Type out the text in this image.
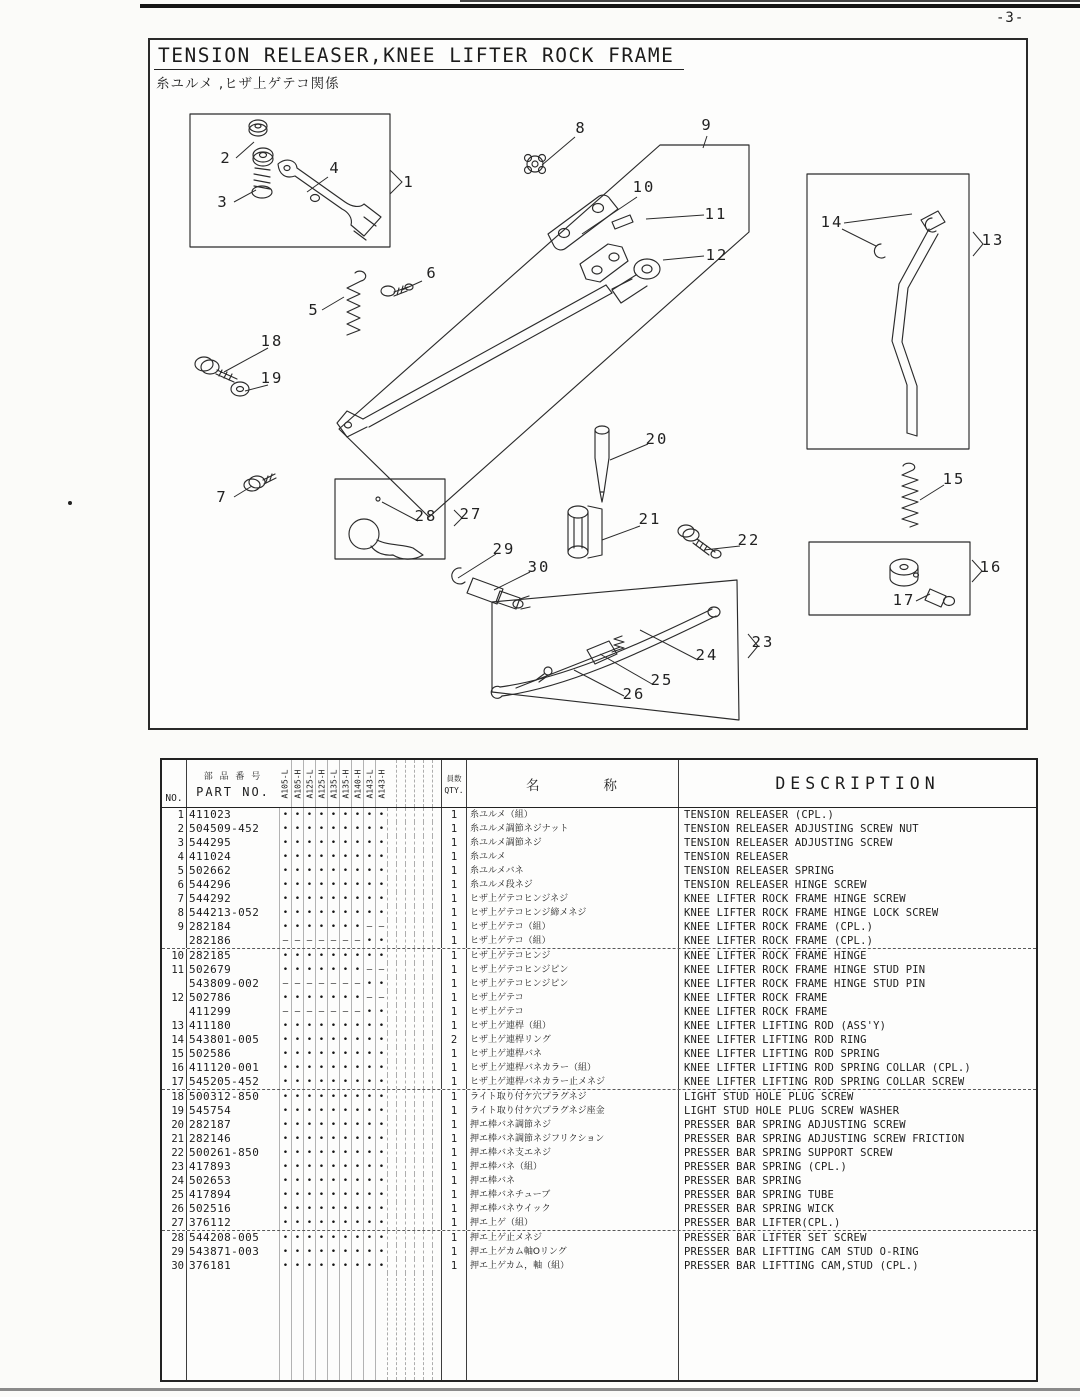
-3-
TENSION RELEASER,KNEE LIFTER ROCK FRAME
糸ユルメ ,ヒザ上ゲテコ関係
1
2
3
4
5
6
7
8	9
10
11
12
13
14
15
16
17
18
19
20
21
22
23
24
25
26
27
28
29
30
NO.
部 品 番 号
PART NO. A105-L A105-H A125-L A125-H A135-L A135-H A140-H A143-L A143-H	員数
QTY.	名　　　　称	DESCRIPTION
1 411023	• • • • • • • • •	1	糸ユルメ（組）	TENSION RELEASER (CPL.)
2 504509-452	• • • • • • • • •	1	糸ユルメ調節ネジナット	TENSION RELEASER ADJUSTING SCREW NUT
3 544295	• • • • • • • • •	1	糸ユルメ調節ネジ	TENSION RELEASER ADJUSTING SCREW
4 411024	• • • • • • • • •	1	糸ユルメ	TENSION RELEASER
5 502662	• • • • • • • • •	1	糸ユルメバネ	TENSION RELEASER SPRING
6 544296	• • • • • • • • •	1	糸ユルメ段ネジ	TENSION RELEASER HINGE SCREW
7 544292	• • • • • • • • •	1	ヒザ上ゲテコヒンジネジ	KNEE LIFTER ROCK FRAME HINGE SCREW
8 544213-052	• • • • • • • • •	1	ヒザ上ゲテコヒンジ締メネジ	KNEE LIFTER ROCK FRAME HINGE LOCK SCREW
9 282184	• • • • • • • – –	1	ヒザ上ゲテコ（組）	KNEE LIFTER ROCK FRAME (CPL.)
282186	– – – – – – – • •	1	ヒザ上ゲテコ（組）	KNEE LIFTER ROCK FRAME (CPL.)
10 282185	• • • • • • • • •	1	ヒザ上ゲテコヒンジ	KNEE LIFTER ROCK FRAME HINGE
11 502679	• • • • • • • – –	1	ヒザ上ゲテコヒンジピン	KNEE LIFTER ROCK FRAME HINGE STUD PIN
543809-002	– – – – – – – • •	1	ヒザ上ゲテコヒンジピン	KNEE LIFTER ROCK FRAME HINGE STUD PIN
12 502786	• • • • • • • – –	1	ヒザ上ゲテコ	KNEE LIFTER ROCK FRAME
411299	– – – – – – – • •	1	ヒザ上ゲテコ	KNEE LIFTER ROCK FRAME
13 411180	• • • • • • • • •	1	ヒザ上ゲ連桿（組）	KNEE LIFTER LIFTING ROD (ASS'Y)
14 543801-005	• • • • • • • • •	2	ヒザ上ゲ連桿リング	KNEE LIFTER LIFTING ROD RING
15 502586	• • • • • • • • •	1	ヒザ上ゲ連桿バネ	KNEE LIFTER LIFTING ROD SPRING
16 411120-001	• • • • • • • • •	1	ヒザ上ゲ連桿バネカラー（組）	KNEE LIFTER LIFTING ROD SPRING COLLAR (CPL.)
17 545205-452	• • • • • • • • •	1	ヒザ上ゲ連桿バネカラー止メネジ	KNEE LIFTER LIFTING ROD SPRING COLLAR SCREW
18 500312-850	• • • • • • • • •	1	ライト取り付ケ穴プラグネジ	LIGHT STUD HOLE PLUG SCREW
19 545754	• • • • • • • • •	1	ライト取り付ケ穴プラグネジ座金	LIGHT STUD HOLE PLUG SCREW WASHER
20 282187	• • • • • • • • •	1	押エ棒バネ調節ネジ	PRESSER BAR SPRING ADJUSTING SCREW
21 282146	• • • • • • • • •	1	押エ棒バネ調節ネジフリクション	PRESSER BAR SPRING ADJUSTING SCREW FRICTION
22 500261-850	• • • • • • • • •	1	押エ棒バネ支エネジ	PRESSER BAR SPRING SUPPORT SCREW
23 417893	• • • • • • • • •	1	押エ棒バネ（組）	PRESSER BAR SPRING (CPL.)
24 502653	• • • • • • • • •	1	押エ棒バネ	PRESSER BAR SPRING
25 417894	• • • • • • • • •	1	押エ棒バネチューブ	PRESSER BAR SPRING TUBE
26 502516	• • • • • • • • •	1	押エ棒バネウイック	PRESSER BAR SPRING WICK
27 376112	• • • • • • • • •	1	押エ上ゲ（組）	PRESSER BAR LIFTER(CPL.)
28 544208-005	• • • • • • • • •	1	押エ上ゲ止メネジ	PRESSER BAR LIFTER SET SCREW
29 543871-003	• • • • • • • • •	1	押エ上ゲカム軸Oリング	PRESSER BAR LIFTTING CAM STUD O-RING
30 376181	• • • • • • • • •	1	押エ上ゲカム，軸（組）	PRESSER BAR LIFTTING CAM,STUD (CPL.)
